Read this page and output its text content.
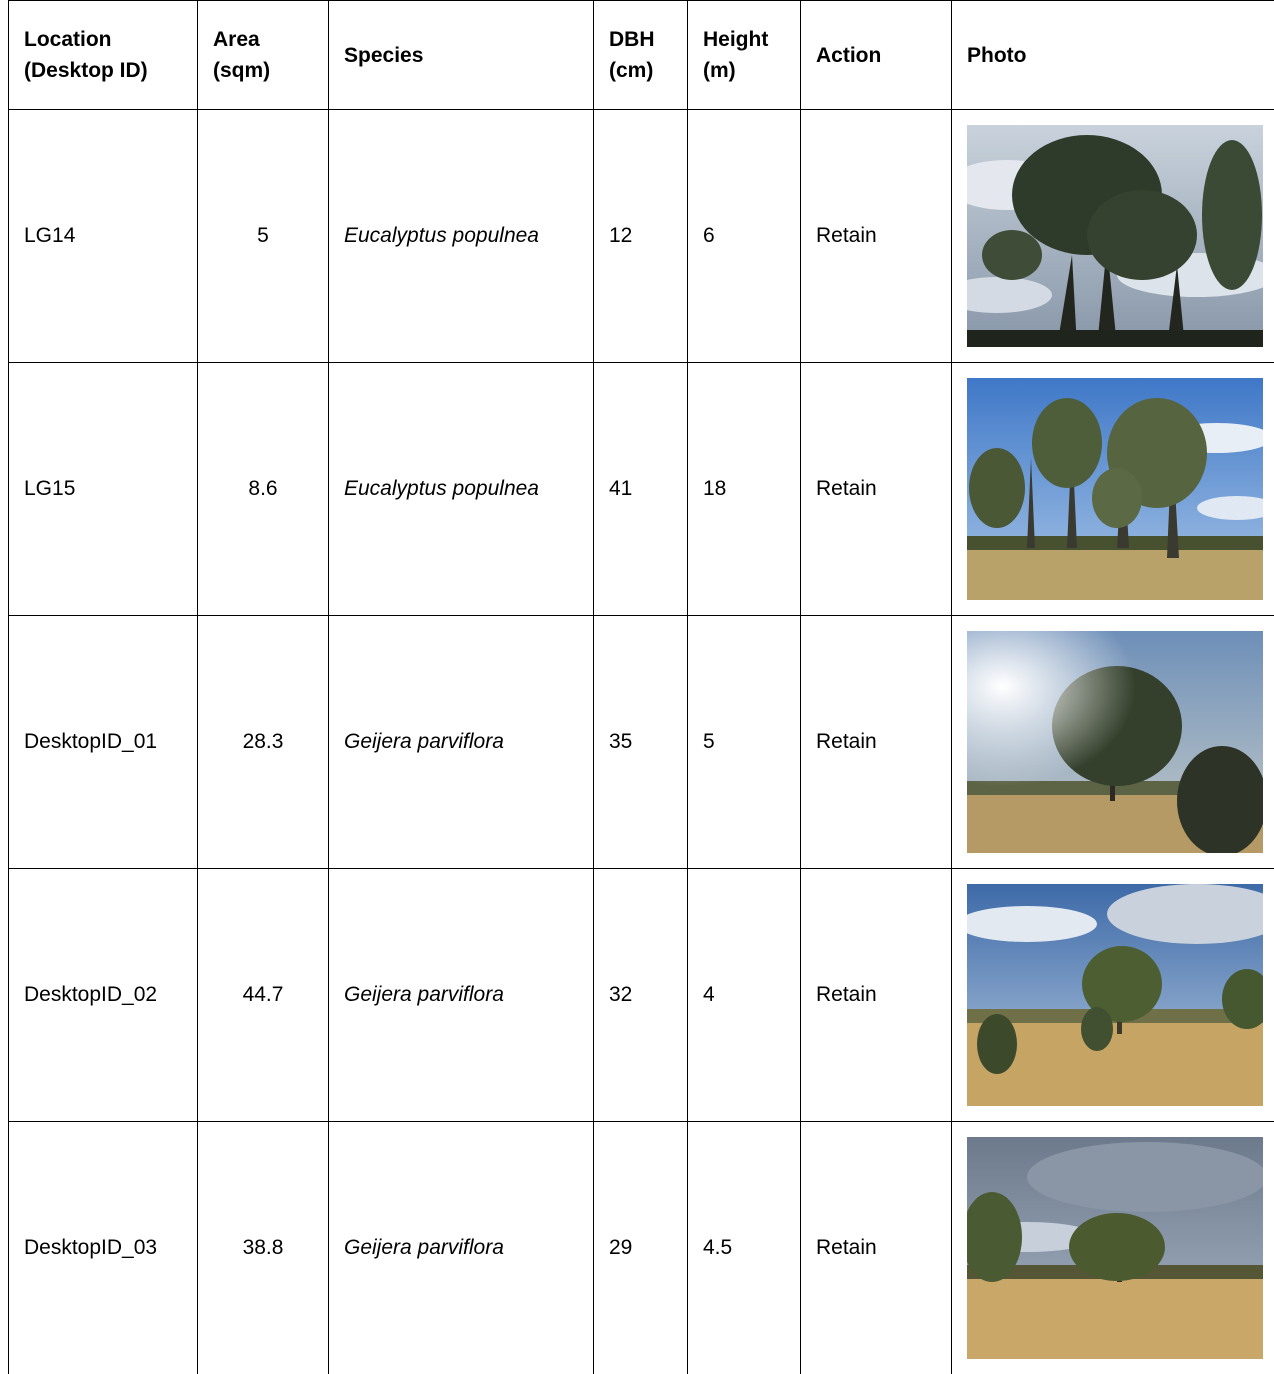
Location (Desktop ID)	Area (sqm)	Species	DBH (cm)	Height (m)	Action	Photo
LG14	5	Eucalyptus populnea	12	6	Retain	

LG15	8.6	Eucalyptus populnea	41	18	Retain	

DesktopID_01	28.3	Geijera parviflora	35	5	Retain	

DesktopID_02	44.7	Geijera parviflora	32	4	Retain	

DesktopID_03	38.8	Geijera parviflora	29	4.5	Retain	
